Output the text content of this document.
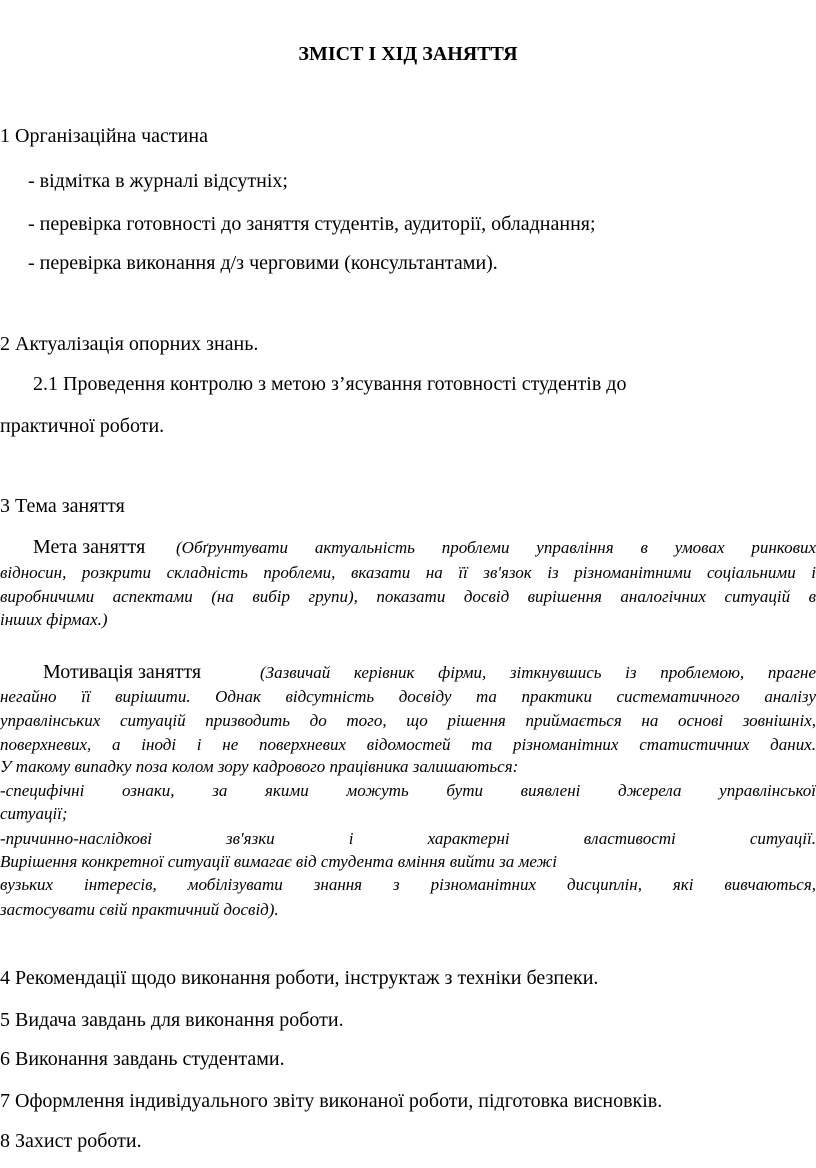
ЗМІСТ І ХІД ЗАНЯТТЯ
1 Організаційна частина
- відмітка в журналі відсутніх;
- перевірка готовності до заняття студентів, аудиторії, обладнання;
- перевірка виконання д/з черговими (консультантами).
2 Актуалізація опорних знань.
2.1 Проведення контролю з метою з’ясування готовності студентів до
практичної роботи.
3 Тема заняття
Мета заняття (Обґрунтувати актуальність проблеми управління в умовах ринкових
відносин, розкрити складність проблеми, вказати на її зв'язок із різноманітними соціальними і
виробничими аспектами (на вибір групи), показати досвід вирішення аналогічних ситуацій в
інших фірмах.)
Мотивація заняття	(Зазвичай керівник фірми, зіткнувшись із проблемою, прагне
негайно її вирішити. Однак відсутність досвіду та практики систематичного аналізу
управлінських ситуацій призводить до того, що рішення приймається на основі зовнішніх,
поверхневих, а іноді і не поверхневих відомостей та різноманітних статистичних даних.
У такому випадку поза колом зору кадрового працівника залишаються:
-специфічні ознаки, за якими можуть бути виявлені джерела управлінської
ситуації;
-причинно-наслідкові зв'язки і характерні властивості ситуації.
Вирішення конкретної ситуації вимагає від студента вміння вийти за межі
вузьких інтересів, мобілізувати знання з різноманітних дисциплін, які вивчаються,
застосувати свій практичний досвід).
4 Рекомендації щодо виконання роботи, інструктаж з техніки безпеки.
5 Видача завдань для виконання роботи.
6 Виконання завдань студентами.
7 Оформлення індивідуального звіту виконаної роботи, підготовка висновків.
8 Захист роботи.
